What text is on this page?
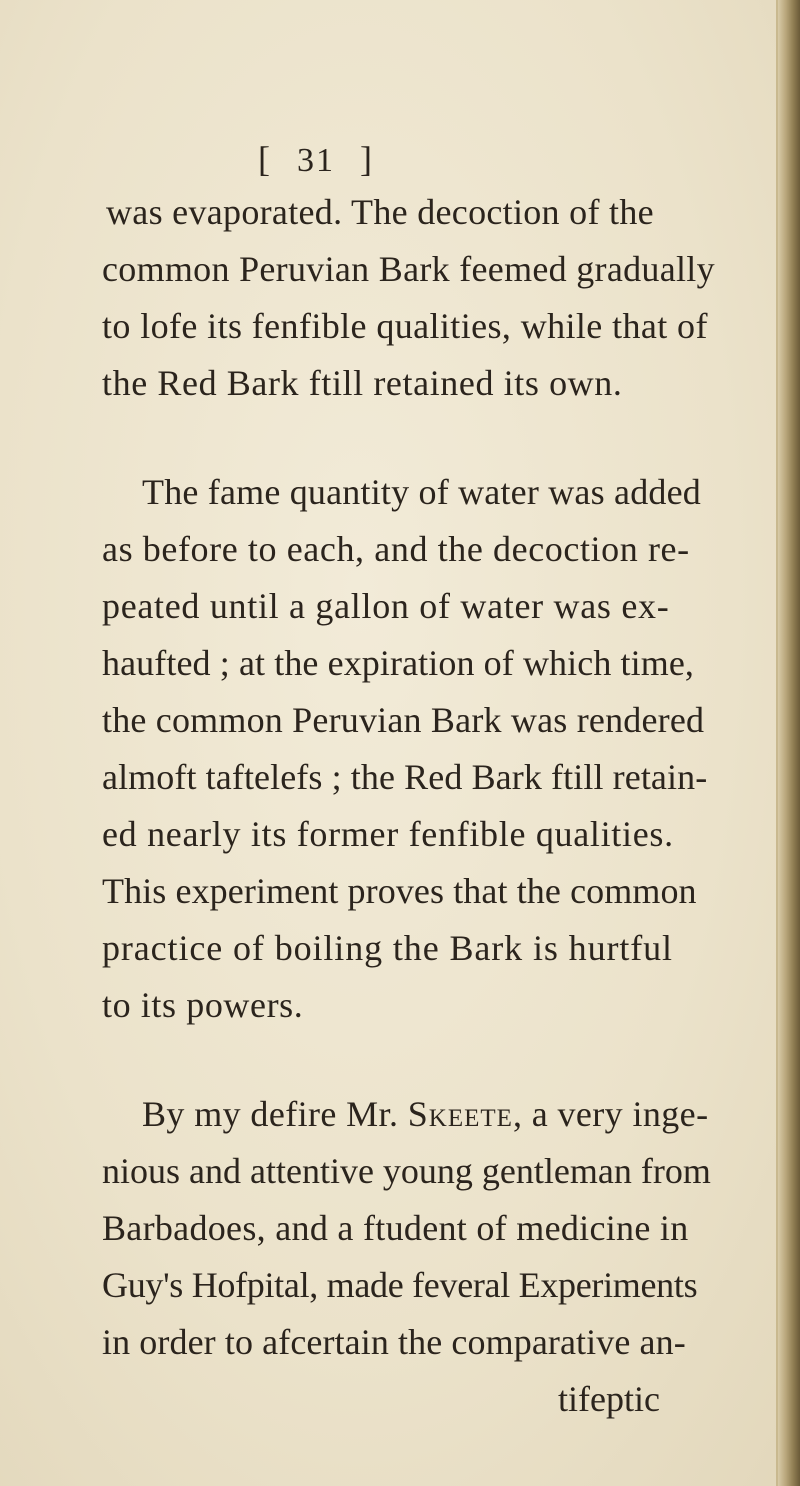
[ 31 ]
was evaporated. The decoction of the
common Peruvian Bark feemed gradually
to lofe its fenfible qualities, while that of
the Red Bark ftill retained its own.
The fame quantity of water was added
as before to each, and the decoction re-
peated until a gallon of water was ex-
haufted ; at the expiration of which time,
the common Peruvian Bark was rendered
almoft taftelefs ; the Red Bark ftill retain-
ed nearly its former fenfible qualities.
This experiment proves that the common
practice of boiling the Bark is hurtful
to its powers.
By my defire Mr. Skeete, a very inge-
nious and attentive young gentleman from
Barbadoes, and a ftudent of medicine in
Guy's Hofpital, made feveral Experiments
in order to afcertain the comparative an-
tifeptic
